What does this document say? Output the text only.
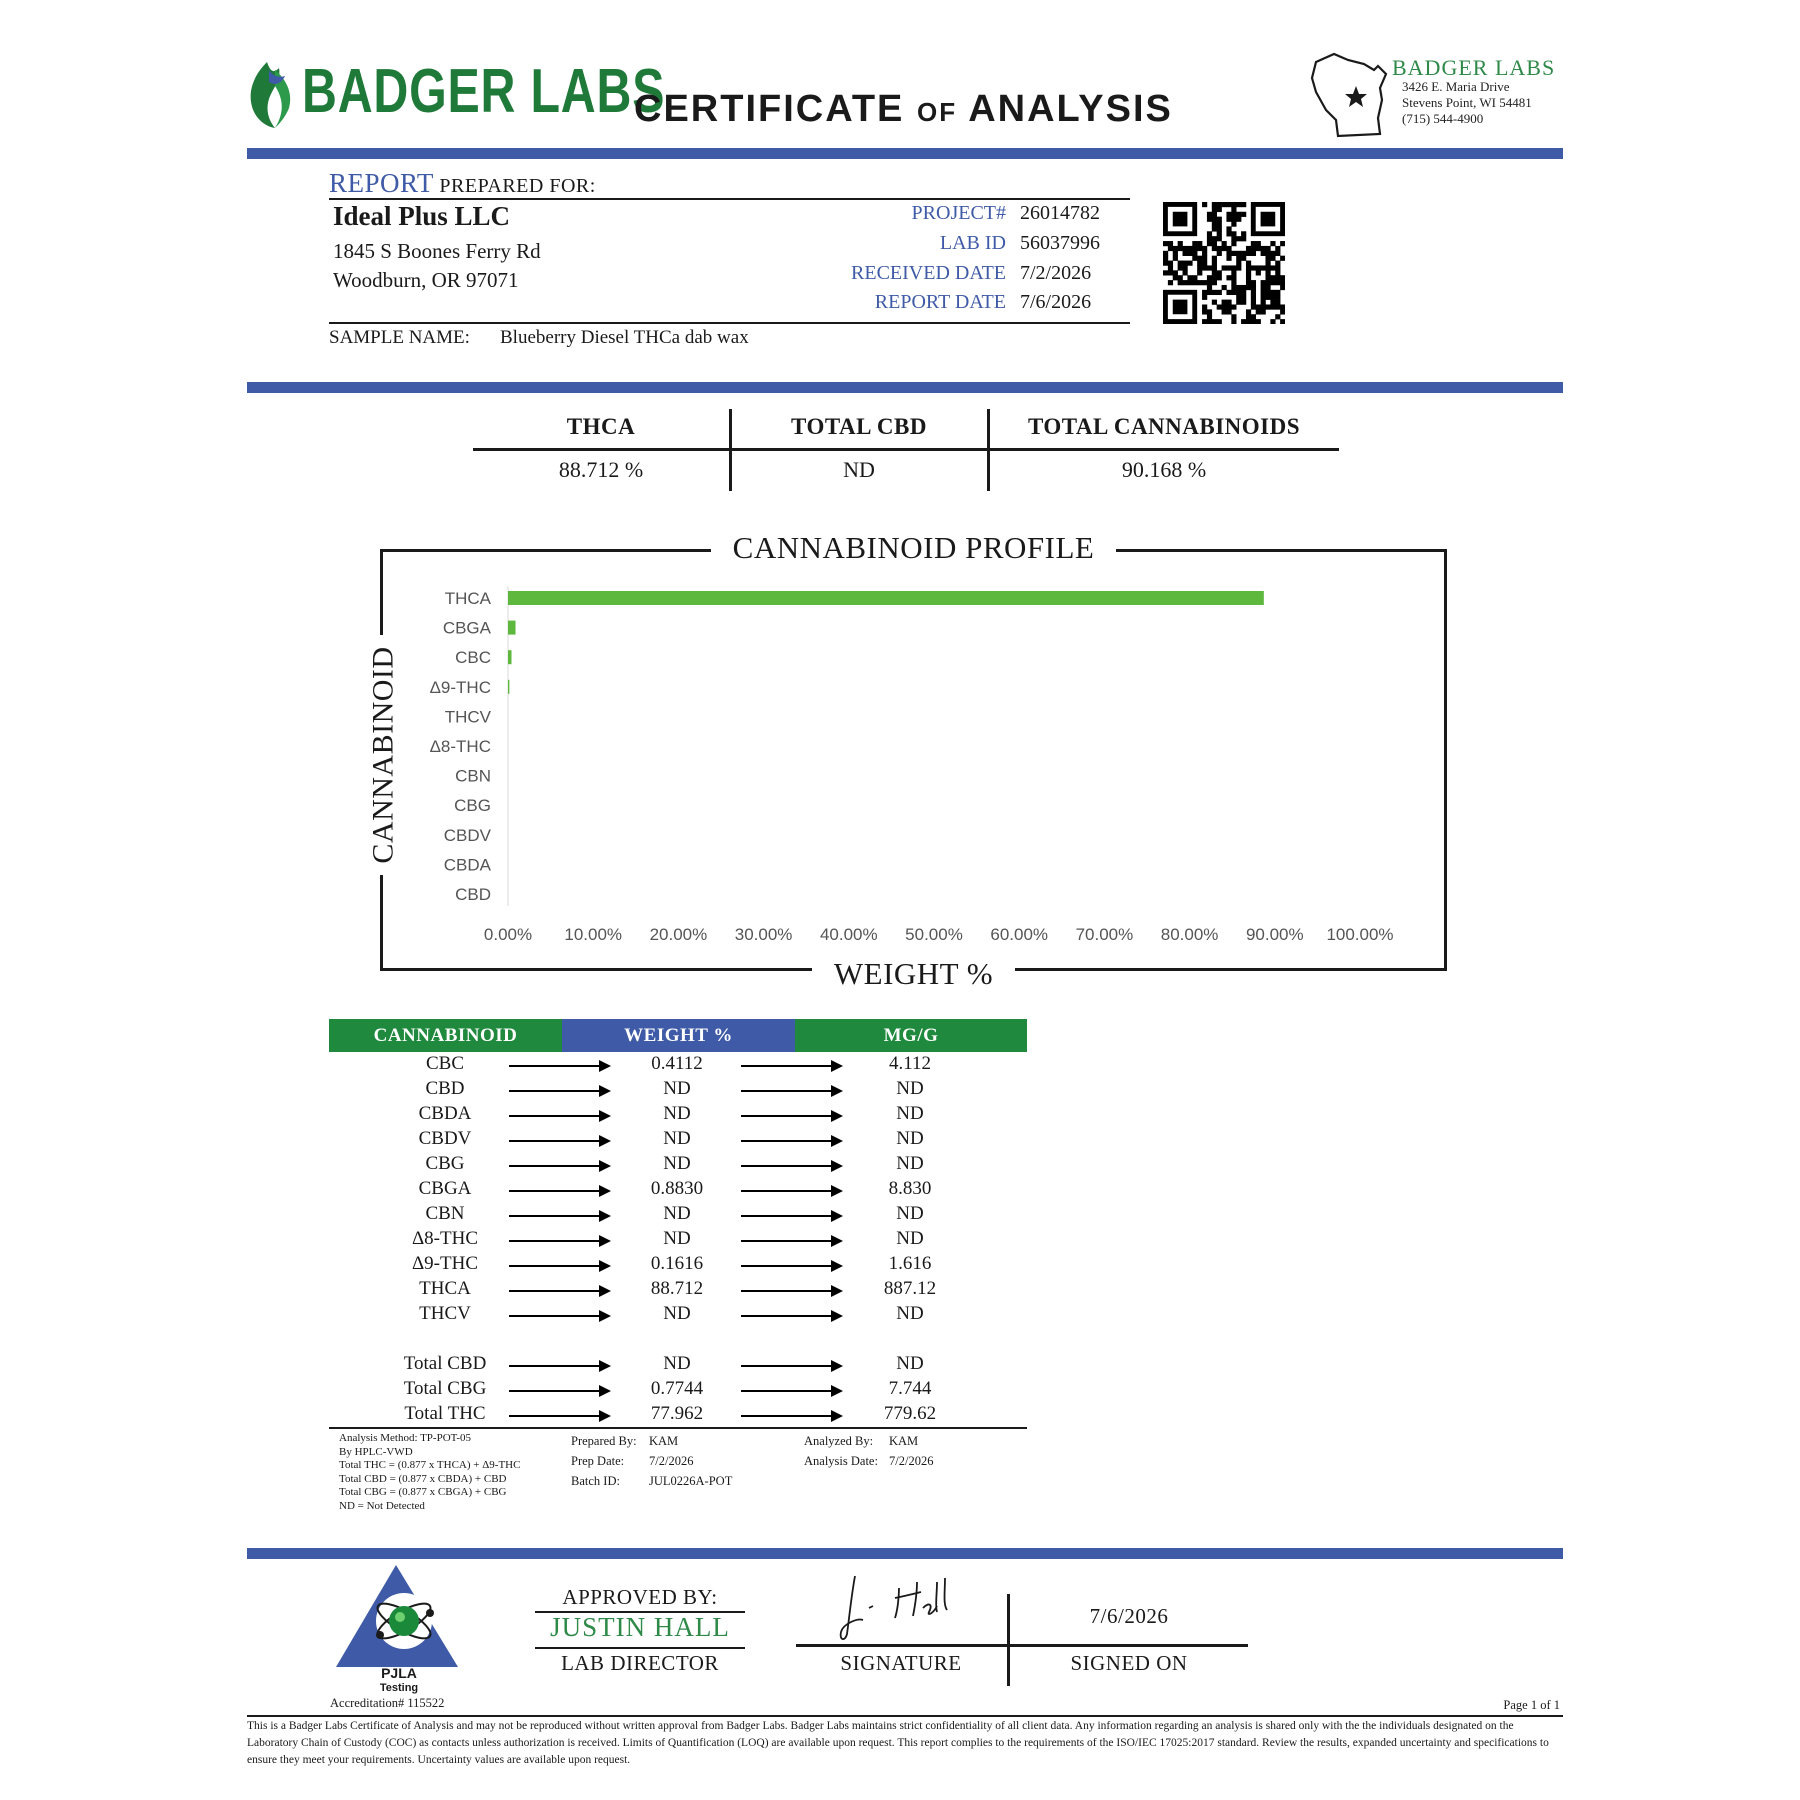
BADGER LABS
CERTIFICATE OF ANALYSIS
BADGER LABS
3426 E. Maria Drive
Stevens Point, WI 54481
(715) 544-4900
REPORT PREPARED FOR:
Ideal Plus LLC
1845 S Boones Ferry Rd
Woodburn, OR 97071
PROJECT# 26014782
LAB ID 56037996
RECEIVED DATE 7/2/2026
REPORT DATE 7/6/2026
SAMPLE NAME: Blueberry Diesel THCa dab wax
THCA	TOTAL CBD	TOTAL CANNABINOIDS
88.712 %	ND	90.168 %
CANNABINOID PROFILE
WEIGHT %
CANNABINOID
THCA
CBGA
CBC
Δ9-THC
THCV
Δ8-THC
CBN
CBG
CBDV
CBDA
CBD
0.00% 10.00% 20.00% 30.00% 40.00% 50.00% 60.00% 70.00% 80.00% 90.00% 100.00%
CANNABINOID	WEIGHT %	MG/G
CBC	0.4112	4.112
CBD	ND	ND
CBDA	ND	ND
CBDV	ND	ND
CBG	ND	ND
CBGA	0.8830	8.830
CBN	ND	ND
Δ8-THC	ND	ND
Δ9-THC	0.1616	1.616
THCA	88.712	887.12
THCV	ND	ND
Total CBD	ND	ND
Total CBG	0.7744	7.744
Total THC	77.962	779.62
Analysis Method: TP-POT-05
By HPLC-VWD
Total THC = (0.877 x THCA) + Δ9-THC
Total CBD = (0.877 x CBDA) + CBD
Total CBG = (0.877 x CBGA) + CBG
ND = Not Detected
Prepared By: KAM
Prep Date: 7/2/2026
Batch ID: JUL0226A-POT
Analyzed By: KAM
Analysis Date: 7/2/2026
PJLA
Testing
Accreditation# 115522
APPROVED BY:
JUSTIN HALL
LAB DIRECTOR	SIGNATURE
7/6/2026
SIGNED ON
Page 1 of 1
This is a Badger Labs Certificate of Analysis and may not be reproduced without written approval from Badger Labs. Badger Labs maintains strict confidentiality of all client data. Any information regarding an analysis is shared only with the the individuals designated on the Laboratory Chain of Custody (COC) as contacts unless authorization is received. Limits of Quantification (LOQ) are available upon request. This report complies to the requirements of the ISO/IEC 17025:2017 standard. Review the results, expanded uncertainty and specifications to ensure they meet your requirements. Uncertainty values are available upon request.
